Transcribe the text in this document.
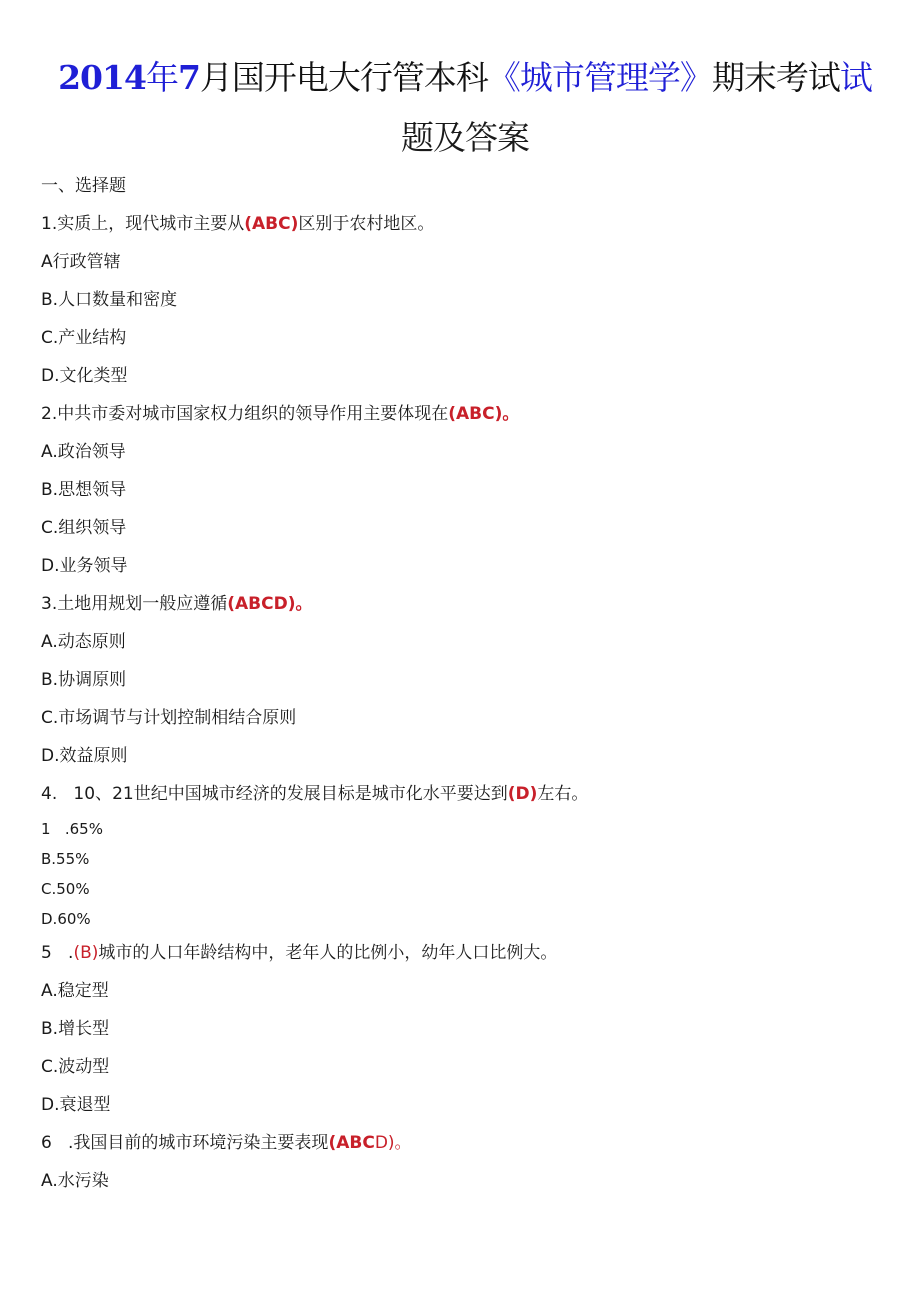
2014年7月国开电大行管本科《城市管理学》期末考试试
题及答案
一、选择题
1.实质上，现代城市主要从(ABC)区别于农村地区。
A行政管辖
B.人口数量和密度
C.产业结构
D.文化类型
2.中共市委对城市国家权力组织的领导作用主要体现在(ABC)。
A.政治领导
B.思想领导
C.组织领导
D.业务领导
3.土地用规划一般应遵循(ABCD)。
A.动态原则
B.协调原则
C.市场调节与计划控制相结合原则
D.效益原则
4.   10、21世纪中国城市经济的发展目标是城市化水平要达到(D)左右。
1   .65%
B.55%
C.50%
D.60%
5   .(B)城市的人口年龄结构中，老年人的比例小，幼年人口比例大。
A.稳定型
B.增长型
C.波动型
D.衰退型
6   .我国目前的城市环境污染主要表现(ABCD)。
A.水污染
